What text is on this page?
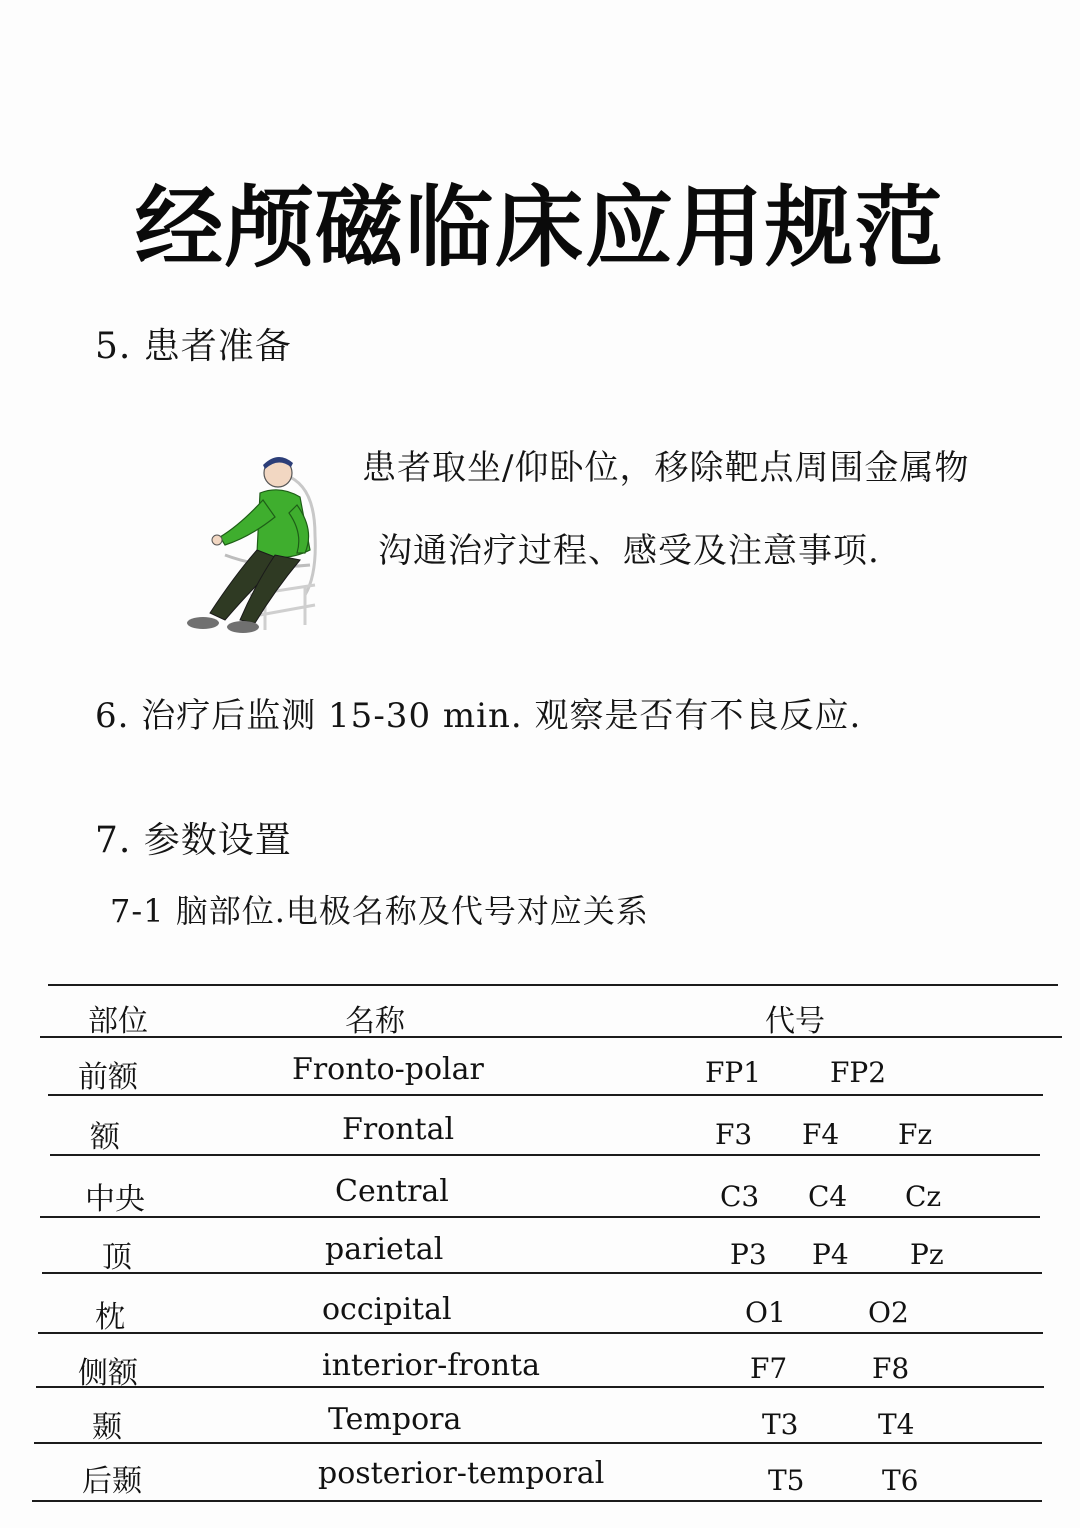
经颅磁临床应用规范
5. 患者准备
患者取坐/仰卧位，移除靶点周围金属物
沟通治疗过程、感受及注意事项.
6. 治疗后监测 15-30 min. 观察是否有不良反应.
7. 参数设置
7-1 脑部位.电极名称及代号对应关系
部位	名称	代号
前额	Fronto-polar	FP1 FP2
额	Frontal	F3 F4 Fz
中央	Central	C3 C4 Cz
顶	parietal	P3 P4 Pz
枕	occipital	O1	O2
侧额	interior-fronta	F7	F8
颞	Tempora	T3	T4
后颞	posterior-temporal	T5	T6
